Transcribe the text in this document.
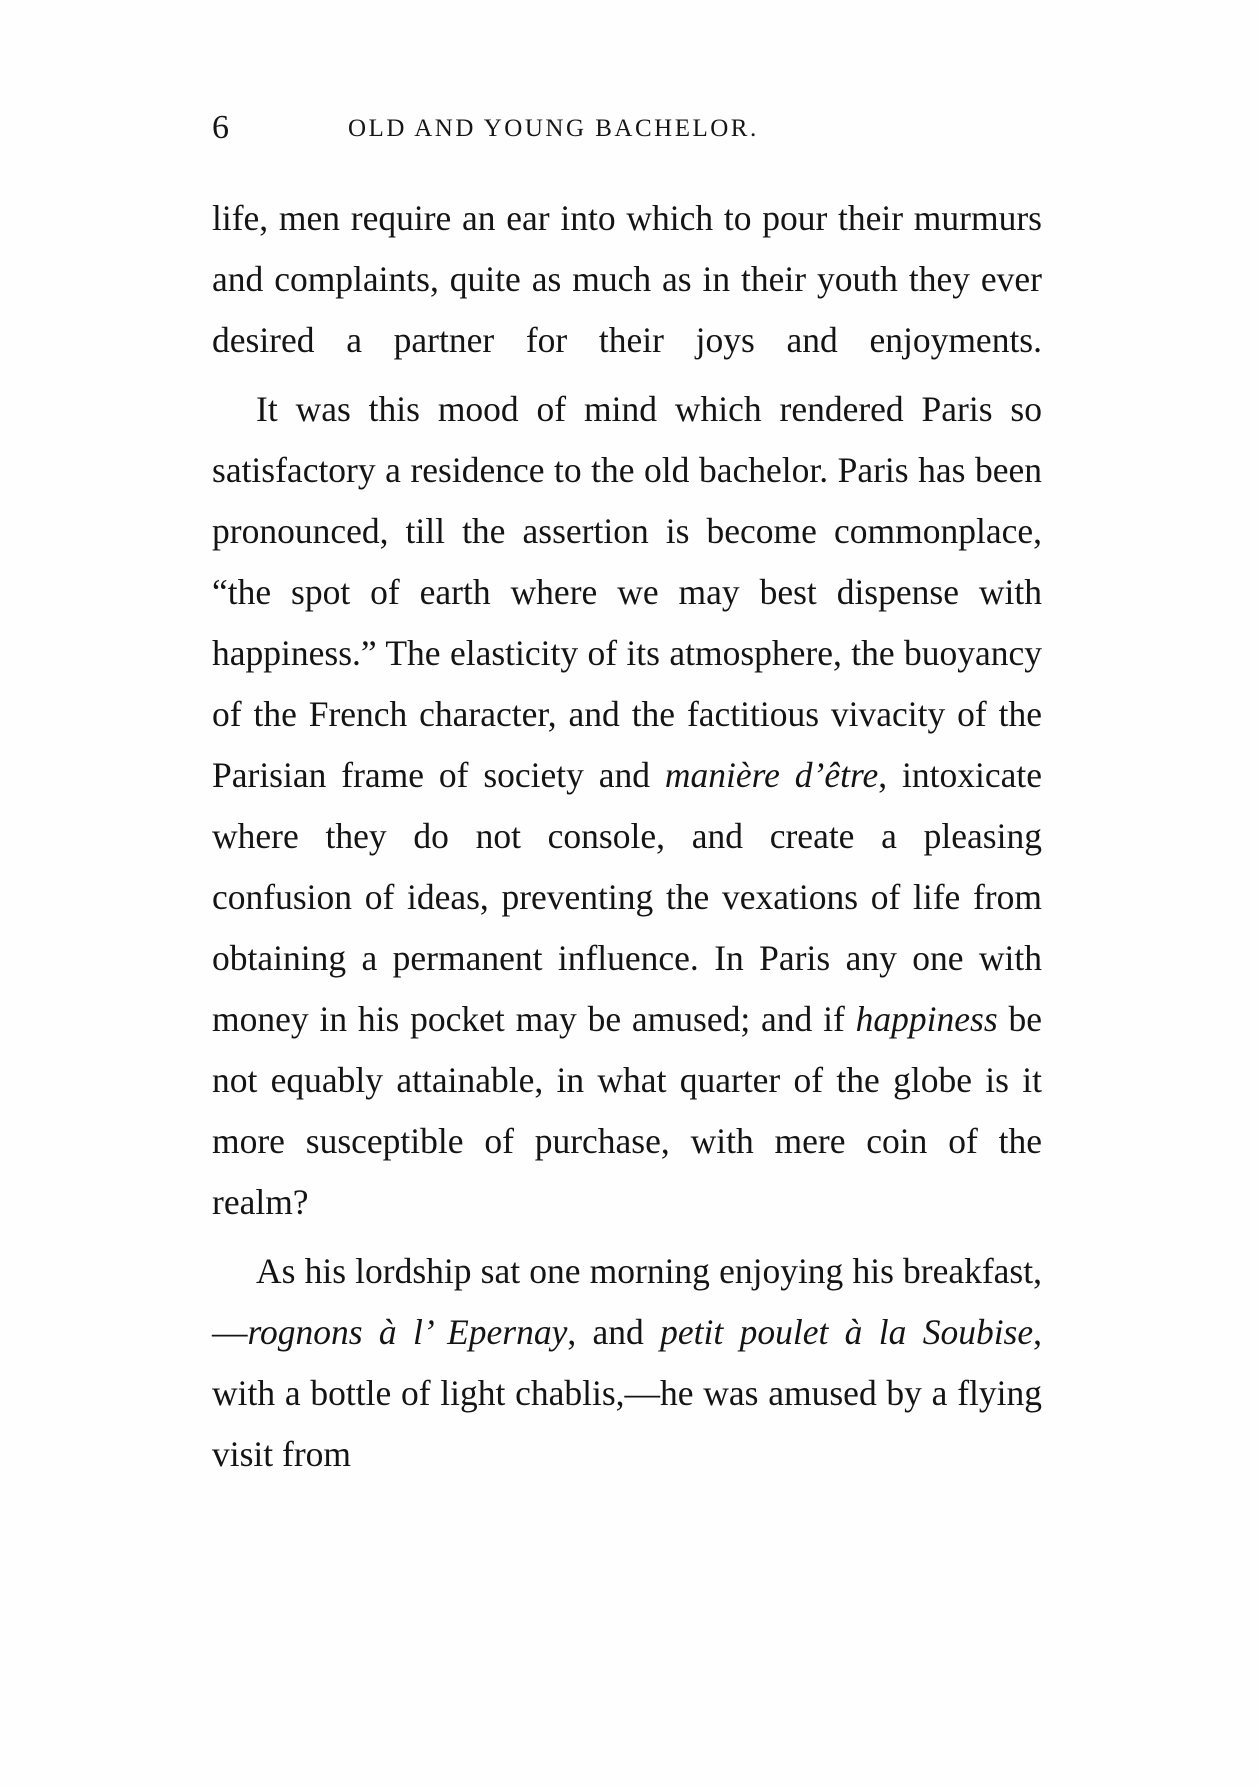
6	OLD AND YOUNG BACHELOR.

life, men require an ear into which to pour their murmurs and complaints, quite as much as in their youth they ever desired a partner for their joys and enjoyments.

It was this mood of mind which rendered Paris so satisfactory a residence to the old bachelor. Paris has been pronounced, till the assertion is become commonplace, “the spot of earth where we may best dispense with happiness.” The elasticity of its atmosphere, the buoyancy of the French character, and the factitious vivacity of the Parisian frame of society and manière d’être, intoxicate where they do not console, and create a pleasing confusion of ideas, preventing the vexations of life from obtaining a permanent influence. In Paris any one with money in his pocket may be amused; and if happiness be not equably attainable, in what quarter of the globe is it more susceptible of purchase, with mere coin of the realm?

As his lordship sat one morning enjoying his breakfast, —rognons à l’ Epernay, and petit poulet à la Soubise, with a bottle of light chablis,—he was amused by a flying visit from
